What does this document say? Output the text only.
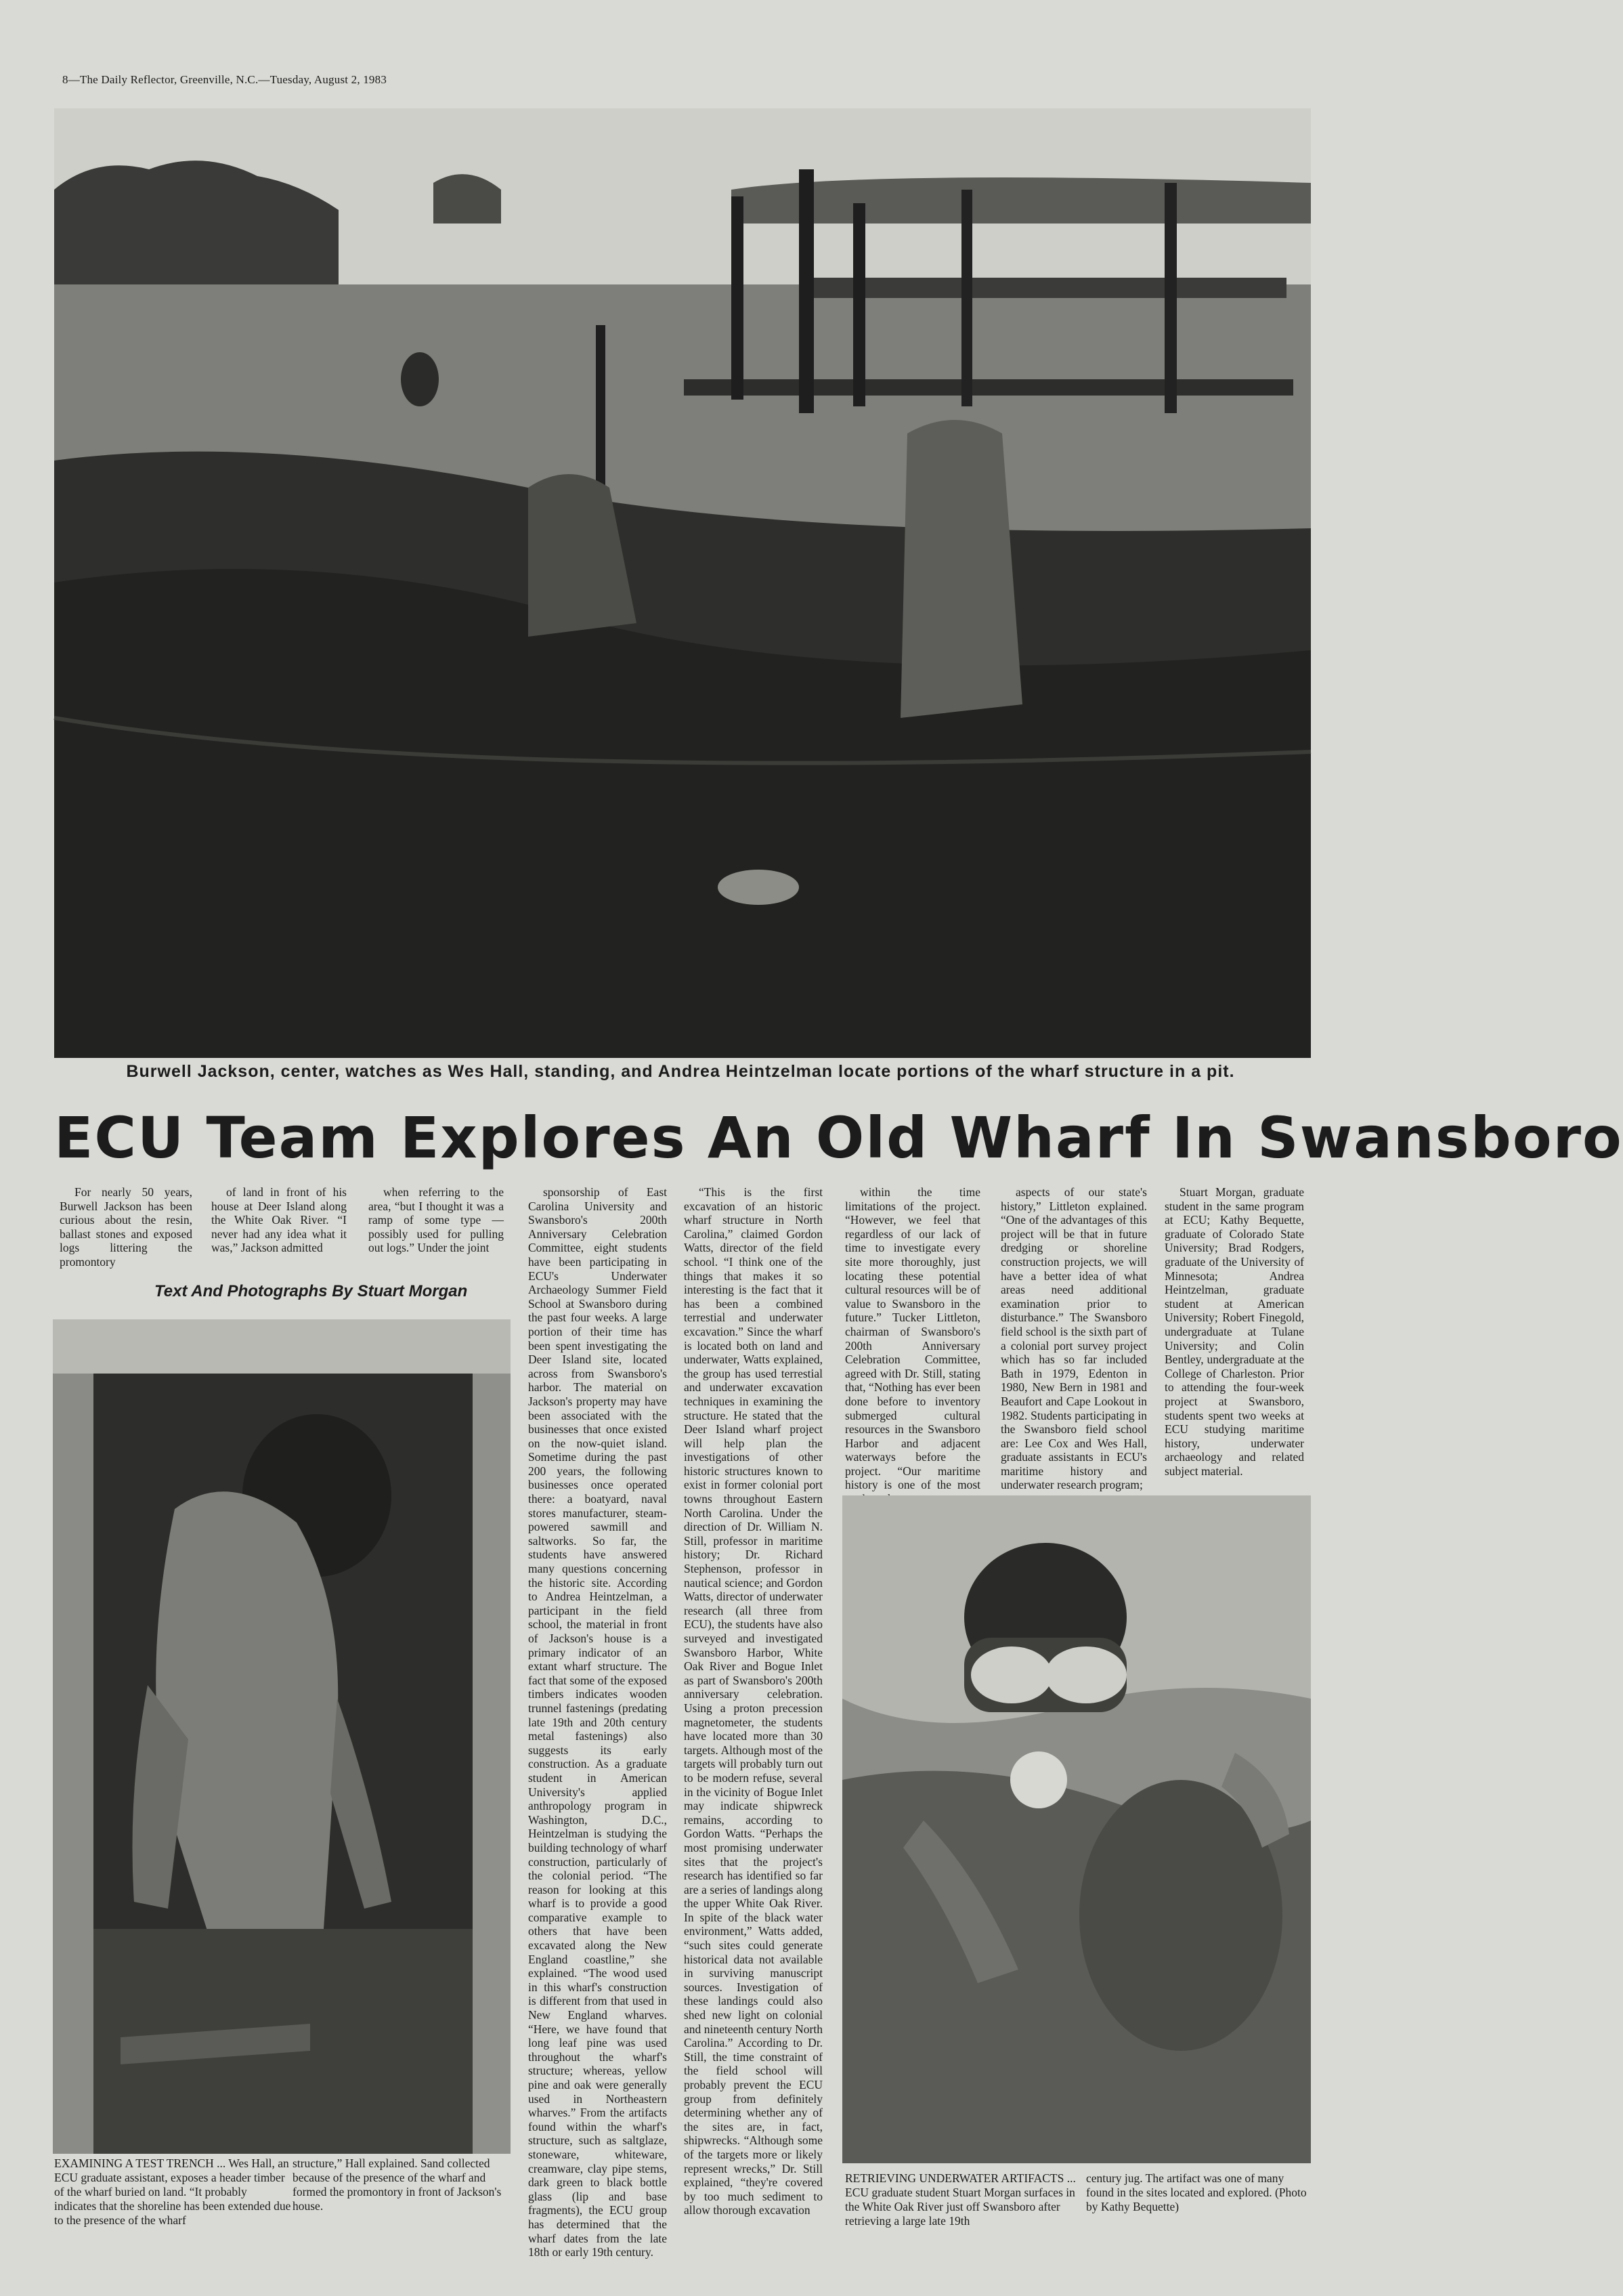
8—The Daily Reflector, Greenville, N.C.—Tuesday, August 2, 1983
Burwell Jackson, center, watches as Wes Hall, standing, and Andrea Heintzelman locate portions of the wharf structure in a pit.
ECU Team Explores An Old Wharf In Swansboro

For nearly 50 years, Burwell Jackson has been curious about the resin, ballast stones and exposed logs littering the promontory

of land in front of his house at Deer Island along the White Oak River. “I never had any idea what it was,” Jackson admitted

when referring to the area, “but I thought it was a ramp of some type — possibly used for pulling out logs.” Under the joint

Text And Photographs By Stuart Morgan

sponsorship of East Carolina University and Swansboro's 200th Anniversary Celebration Committee, eight students have been participating in ECU's Underwater Archaeology Summer Field School at Swansboro during the past four weeks. A large portion of their time has been spent investigating the Deer Island site, located across from Swansboro's harbor. The material on Jackson's property may have been associated with the businesses that once existed on the now-quiet island. Sometime during the past 200 years, the following businesses once operated there: a boatyard, naval stores manufacturer, steam-powered sawmill and saltworks. So far, the students have answered many questions concerning the historic site. According to Andrea Heintzelman, a participant in the field school, the material in front of Jackson's house is a primary indicator of an extant wharf structure. The fact that some of the exposed timbers indicates wooden trunnel fastenings (predating late 19th and 20th century metal fastenings) also suggests its early construction. As a graduate student in American University's applied anthropology program in Washington, D.C., Heintzelman is studying the building technology of wharf construction, particularly of the colonial period. “The reason for looking at this wharf is to provide a good comparative example to others that have been excavated along the New England coastline,” she explained. “The wood used in this wharf's construction is different from that used in New England wharves. “Here, we have found that long leaf pine was used throughout the wharf's structure; whereas, yellow pine and oak were generally used in Northeastern wharves.” From the artifacts found within the wharf's structure, such as saltglaze, stoneware, whiteware, creamware, clay pipe stems, dark green to black bottle glass (lip and base fragments), the ECU group has determined that the wharf dates from the late 18th or early 19th century.

“This is the first excavation of an historic wharf structure in North Carolina,” claimed Gordon Watts, director of the field school. “I think one of the things that makes it so interesting is the fact that it has been a combined terrestial and underwater excavation.” Since the wharf is located both on land and underwater, Watts explained, the group has used terrestial and underwater excavation techniques in examining the structure. He stated that the Deer Island wharf project will help plan the investigations of other historic structures known to exist in former colonial port towns throughout Eastern North Carolina. Under the direction of Dr. William N. Still, professor in maritime history; Dr. Richard Stephenson, professor in nautical science; and Gordon Watts, director of underwater research (all three from ECU), the students have also surveyed and investigated Swansboro Harbor, White Oak River and Bogue Inlet as part of Swansboro's 200th anniversary celebration. Using a proton precession magnetometer, the students have located more than 30 targets. Although most of the targets will probably turn out to be modern refuse, several in the vicinity of Bogue Inlet may indicate shipwreck remains, according to Gordon Watts. “Perhaps the most promising underwater sites that the project's research has identified so far are a series of landings along the upper White Oak River. In spite of the black water environment,” Watts added, “such sites could generate historical data not available in surviving manuscript sources. Investigation of these landings could also shed new light on colonial and nineteenth century North Carolina.” According to Dr. Still, the time constraint of the field school will probably prevent the ECU group from definitely determining whether any of the sites are, in fact, shipwrecks. “Although some of the targets more or likely represent wrecks,” Dr. Still explained, “they're covered by too much sediment to allow thorough excavation

within the time limitations of the project. “However, we feel that regardless of our lack of time to investigate every site more thoroughly, just locating these potential cultural resources will be of value to Swansboro in the future.” Tucker Littleton, chairman of Swansboro's 200th Anniversary Celebration Committee, agreed with Dr. Still, stating that, “Nothing has ever been done before to inventory submerged cultural resources in the Swansboro Harbor and adjacent waterways before the project. “Our maritime history is one of the most

aspects of our state's history,” Littleton explained. “One of the advantages of this project will be that in future dredging or shoreline construction projects, we will have a better idea of what areas need additional examination prior to disturbance.” The Swansboro field school is the sixth part of a colonial port survey project which has so far included Bath in 1979, Edenton in 1980, New Bern in 1981 and Beaufort and Cape Lookout in 1982. Students participating in the Swansboro field school are: Lee Cox and Wes Hall, graduate assistants in ECU's maritime history and underwater research program;

Stuart Morgan, graduate student in the same program at ECU; Kathy Bequette, graduate of Colorado State University; Brad Rodgers, graduate of the University of Minnesota; Andrea Heintzelman, graduate student at American University; Robert Finegold, undergraduate at Tulane University; and Colin Bentley, undergraduate at the College of Charleston. Prior to attending the four-week project at Swansboro, students spent two weeks at ECU studying maritime history, underwater archaeology and related subject material.

EXAMINING A TEST TRENCH ... Wes Hall, an ECU graduate assistant, exposes a header timber of the wharf buried on land. “It probably indicates that the shoreline has been extended due to the presence of the wharf
structure,” Hall explained. Sand collected because of the presence of the wharf and formed the promontory in front of Jackson's house.
RETRIEVING UNDERWATER ARTIFACTS ... ECU graduate student Stuart Morgan surfaces in the White Oak River just off Swansboro after retrieving a large late 19th
century jug. The artifact was one of many found in the sites located and explored. (Photo by Kathy Bequette)
